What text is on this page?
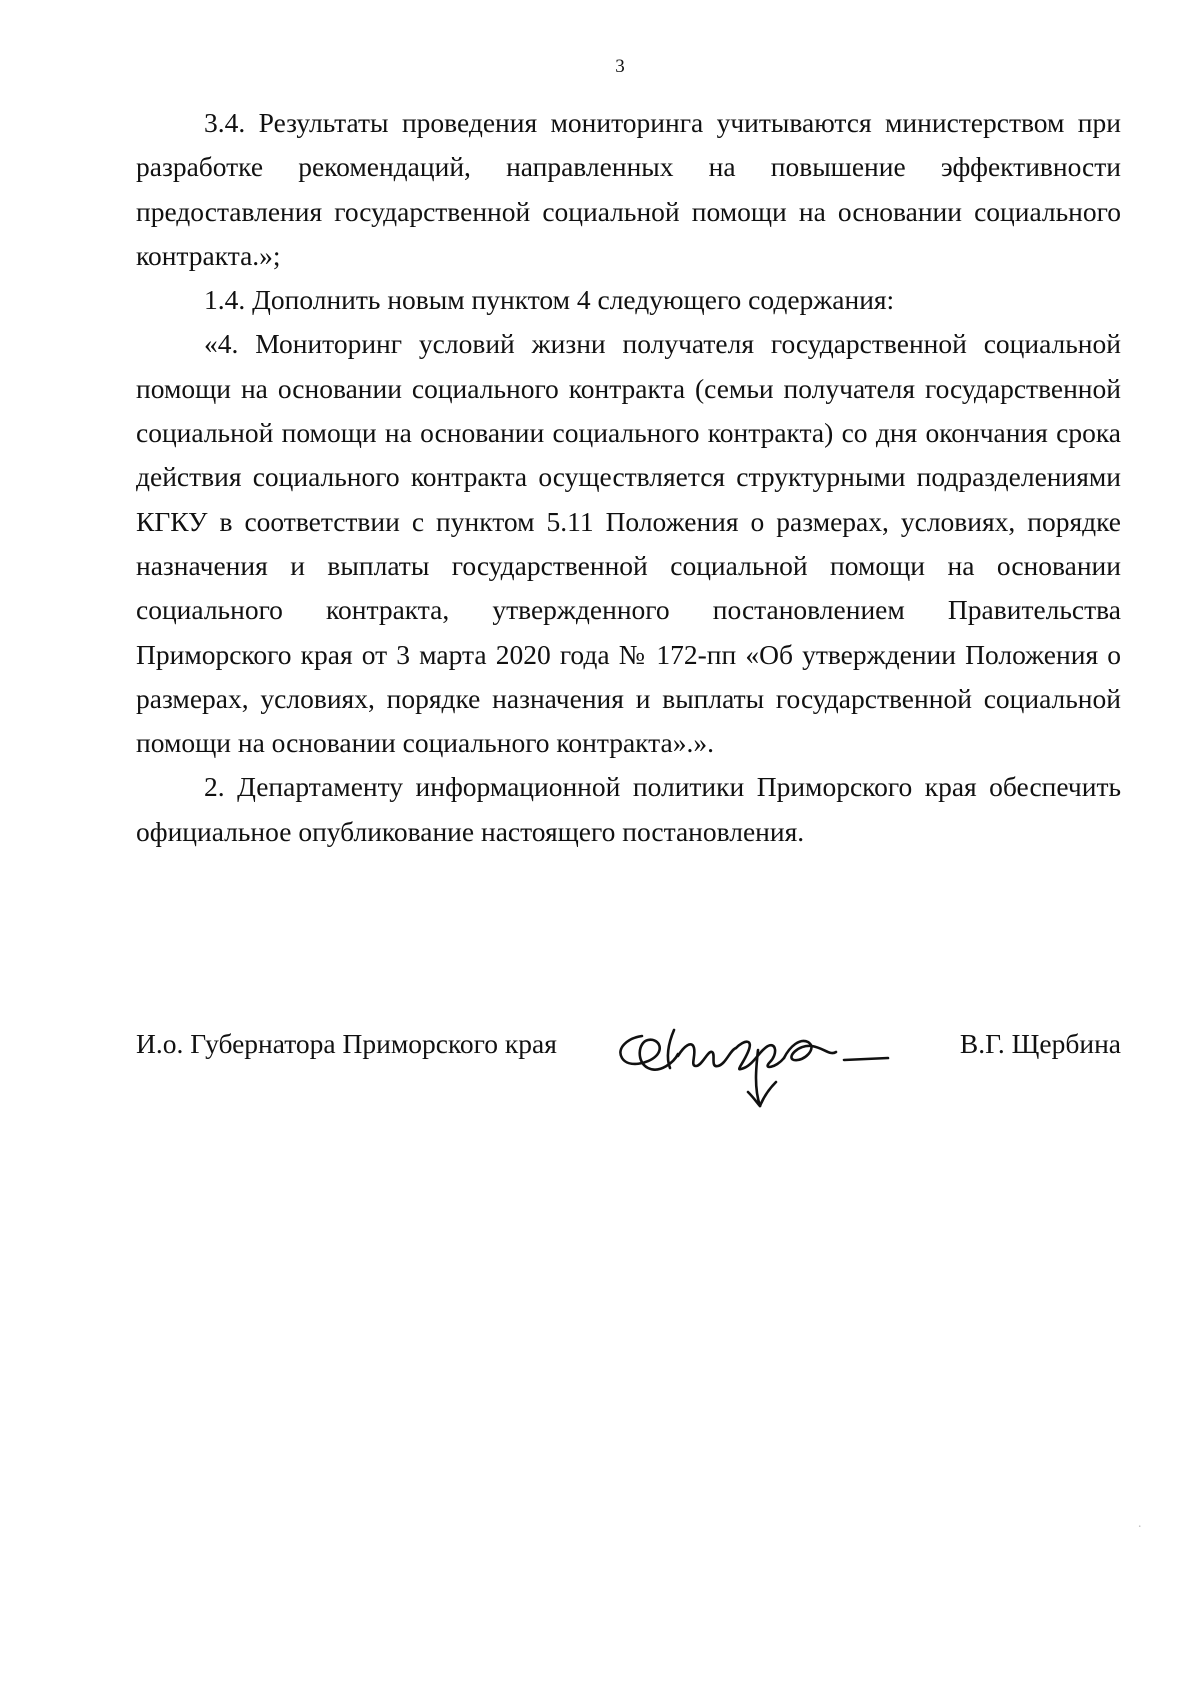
3

3.4. Результаты проведения мониторинга учитываются министерством при разработке рекомендаций, направленных на повышение эффективности предоставления государственной социальной помощи на основании социального контракта.»;

1.4. Дополнить новым пунктом 4 следующего содержания:

«4. Мониторинг условий жизни получателя государственной социальной помощи на основании социального контракта (семьи получателя государственной социальной помощи на основании социального контракта) со дня окончания срока действия социального контракта осуществляется структурными подразделениями КГКУ в соответствии с пунктом 5.11 Положения о размерах, условиях, порядке назначения и выплаты государственной социальной помощи на основании социального контракта, утвержденного постановлением Правительства Приморского края от 3 марта 2020 года № 172-пп «Об утверждении Положения о размерах, условиях, порядке назначения и выплаты государственной социальной помощи на основании социального контракта».».

2. Департаменту информационной политики Приморского края обеспечить официальное опубликование настоящего постановления.

И.о. Губернатора Приморского края	В.Г. Щербина
·
